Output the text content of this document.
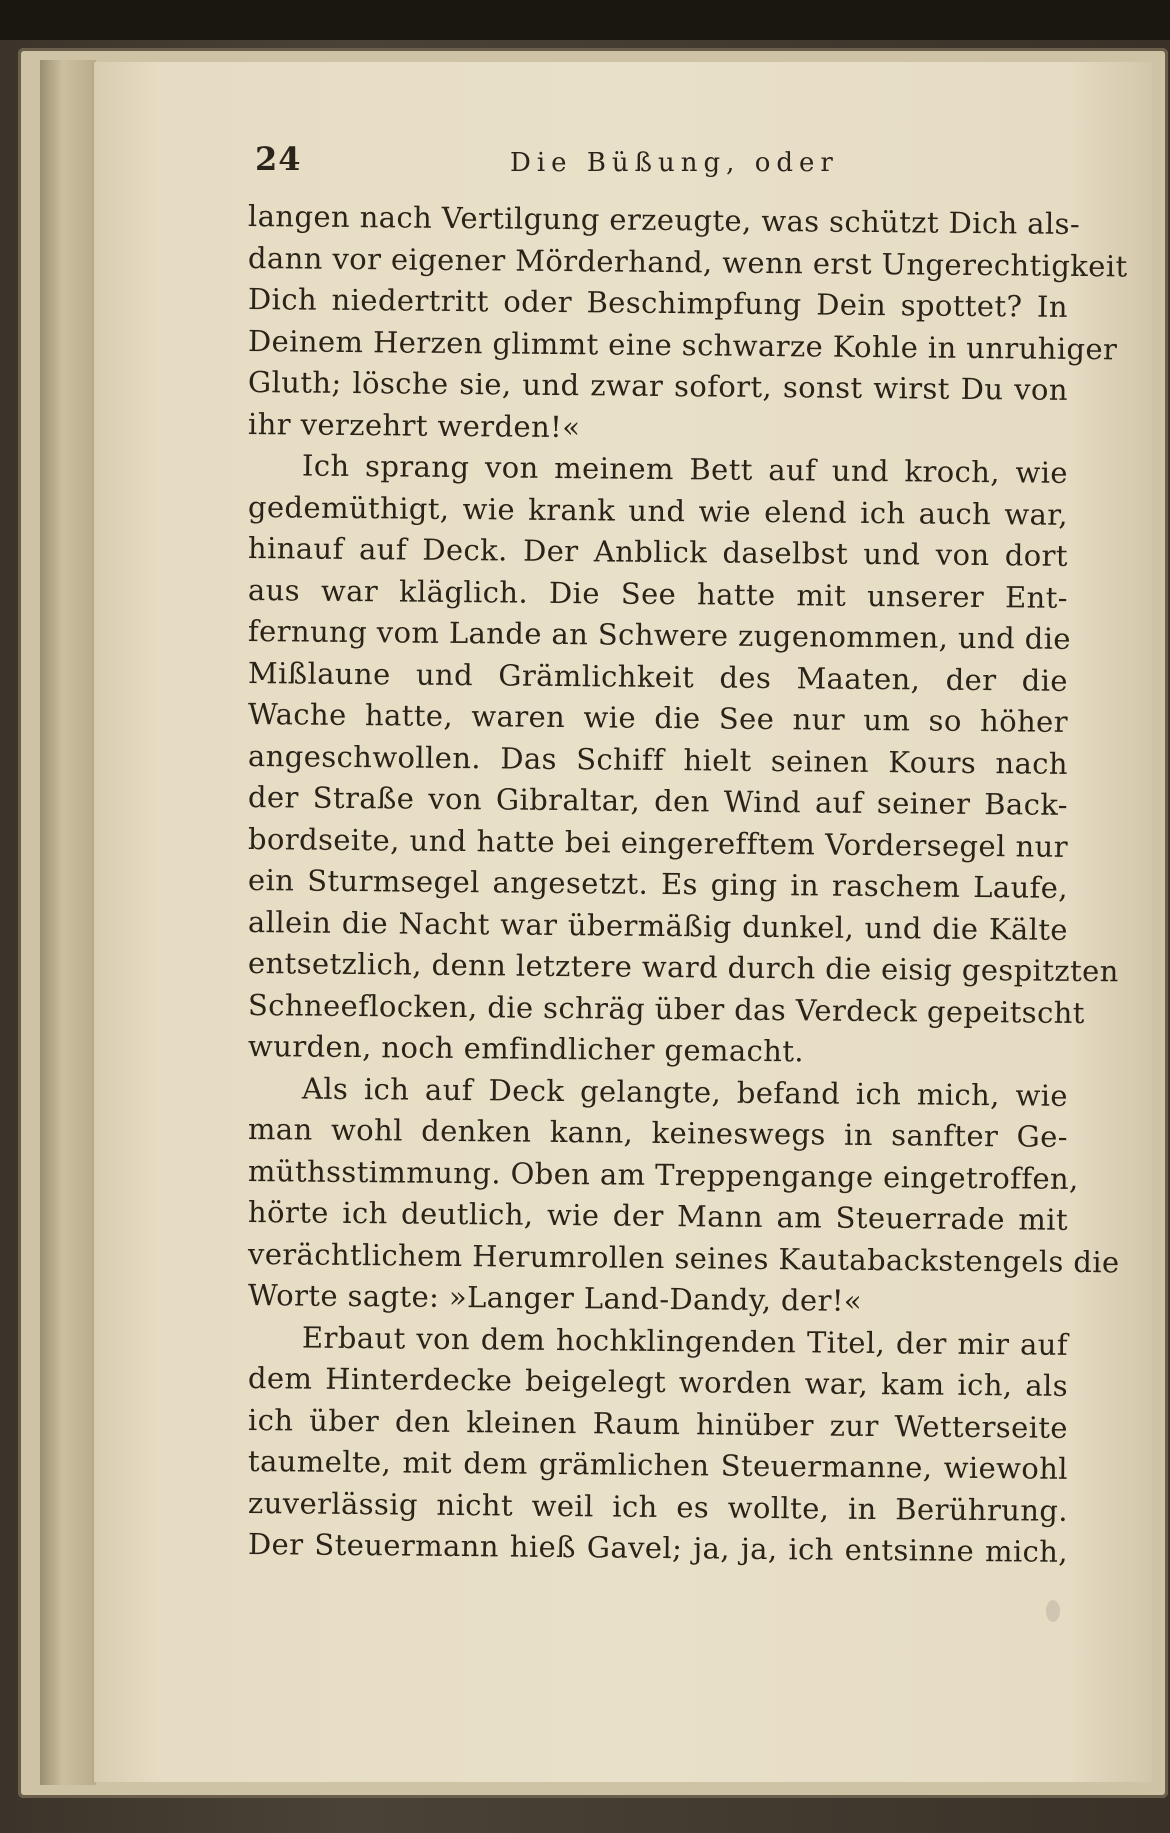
24	Die Büßung, oder
langen nach Vertilgung erzeugte, was schützt Dich als-
dann vor eigener Mörderhand, wenn erst Ungerechtigkeit
Dich niedertritt oder Beschimpfung Dein spottet? In
Deinem Herzen glimmt eine schwarze Kohle in unruhiger
Gluth; lösche sie, und zwar sofort, sonst wirst Du von
ihr verzehrt werden!«
Ich sprang von meinem Bett auf und kroch, wie
gedemüthigt, wie krank und wie elend ich auch war,
hinauf auf Deck. Der Anblick daselbst und von dort
aus war kläglich. Die See hatte mit unserer Ent-
fernung vom Lande an Schwere zugenommen, und die
Mißlaune und Grämlichkeit des Maaten, der die
Wache hatte, waren wie die See nur um so höher
angeschwollen. Das Schiff hielt seinen Kours nach
der Straße von Gibraltar, den Wind auf seiner Back-
bordseite, und hatte bei eingerefftem Vordersegel nur
ein Sturmsegel angesetzt. Es ging in raschem Laufe,
allein die Nacht war übermäßig dunkel, und die Kälte
entsetzlich, denn letztere ward durch die eisig gespitzten
Schneeflocken, die schräg über das Verdeck gepeitscht
wurden, noch emfindlicher gemacht.
Als ich auf Deck gelangte, befand ich mich, wie
man wohl denken kann, keineswegs in sanfter Ge-
müthsstimmung. Oben am Treppengange eingetroffen,
hörte ich deutlich, wie der Mann am Steuerrade mit
verächtlichem Herumrollen seines Kautabackstengels die
Worte sagte: »Langer Land-Dandy, der!«
Erbaut von dem hochklingenden Titel, der mir auf
dem Hinterdecke beigelegt worden war, kam ich, als
ich über den kleinen Raum hinüber zur Wetterseite
taumelte, mit dem grämlichen Steuermanne, wiewohl
zuverlässig nicht weil ich es wollte, in Berührung.
Der Steuermann hieß Gavel; ja, ja, ich entsinne mich,
